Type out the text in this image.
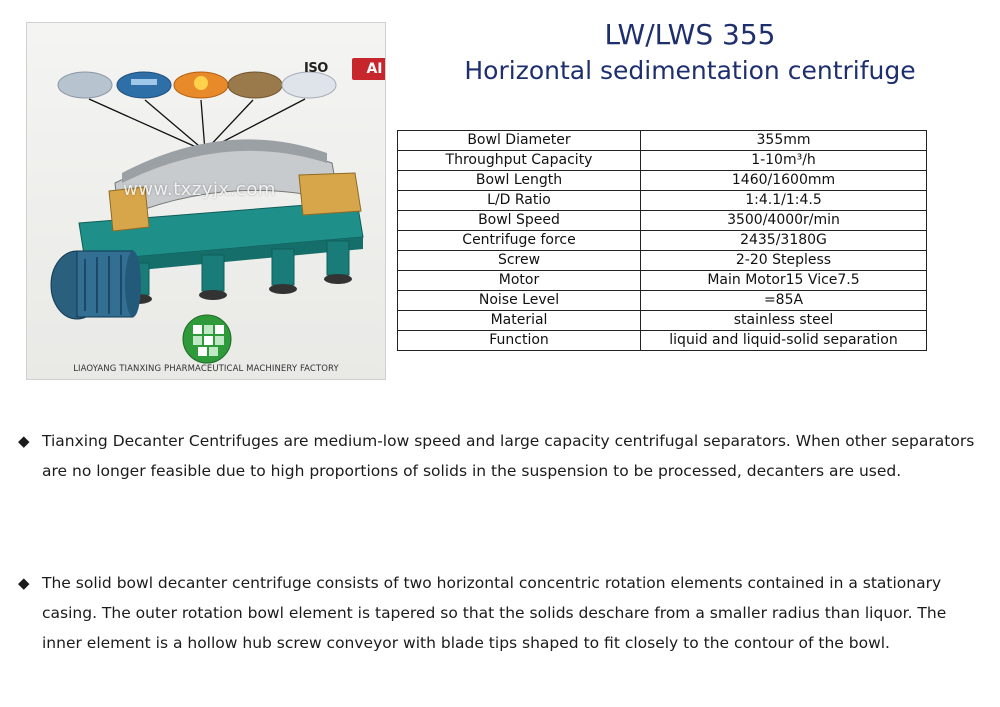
ISO	AI
www.txzyjx.com
LIAOYANG TIANXING PHARMACEUTICAL MACHINERY FACTORY
LW/LWS 355
Horizontal sedimentation centrifuge
Bowl Diameter	355mm
Throughput Capacity	1-10m³/h
Bowl Length	1460/1600mm
L/D Ratio	1:4.1/1:4.5
Bowl Speed	3500/4000r/min
Centrifuge force	2435/3180G
Screw	2-20 Stepless
Motor	Main Motor15 Vice7.5
Noise Level	=85A
Material	stainless steel
Function	liquid and liquid-solid separation
◆ Tianxing Decanter Centrifuges are medium-low speed and large capacity centrifugal separators. When other separators are no longer feasible due to high proportions of solids in the suspension to be processed, decanters are used.
◆ The solid bowl decanter centrifuge consists of two horizontal concentric rotation elements contained in a stationary casing. The outer rotation bowl element is tapered so that the solids deschare from a smaller radius than liquor. The inner element is a hollow hub screw conveyor with blade tips shaped to fit closely to the contour of the bowl.
